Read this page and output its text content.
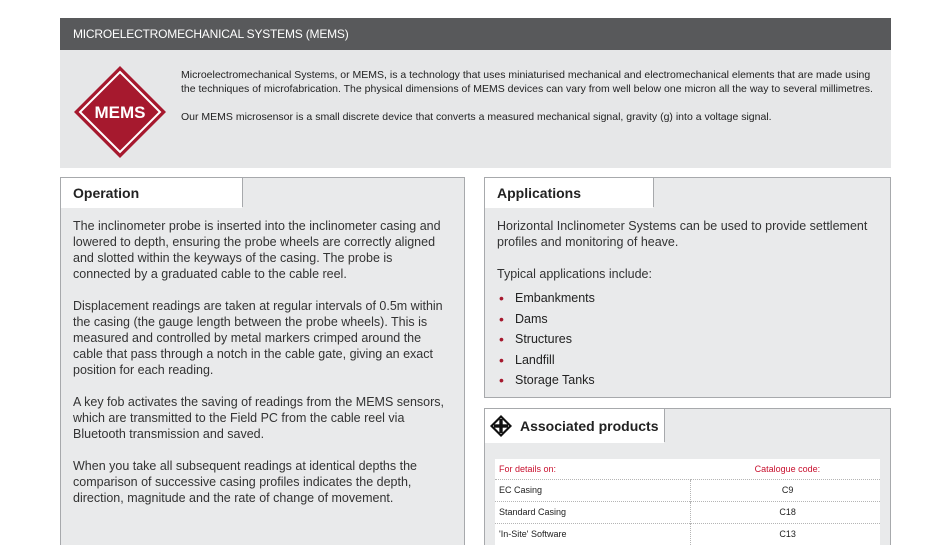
MICROELECTROMECHANICAL SYSTEMS (MEMS)
MEMS

Microelectromechanical Systems, or MEMS, is a technology that uses miniaturised mechanical and electromechanical elements that are made using the techniques of microfabrication. The physical dimensions of MEMS devices can vary from well below one micron all the way to several millimetres.

Our MEMS microsensor is a small discrete device that converts a measured mechanical signal, gravity (g) into a voltage signal.

Operation

The inclinometer probe is inserted into the inclinometer casing and lowered to depth, ensuring the probe wheels are correctly aligned and slotted within the keyways of the casing. The probe is connected by a graduated cable to the cable reel.

Displacement readings are taken at regular intervals of 0.5m within the casing (the gauge length between the probe wheels). This is measured and controlled by metal markers crimped around the cable that pass through a notch in the cable gate, giving an exact position for each reading.

A key fob activates the saving of readings from the MEMS sensors, which are transmitted to the Field PC from the cable reel via Bluetooth transmission and saved.

When you take all subsequent readings at identical depths the comparison of successive casing profiles indicates the depth, direction, magnitude and the rate of change of movement.

Applications

Horizontal Inclinometer Systems can be used to provide settlement profiles and monitoring of heave.

Typical applications include:

• Embankments
• Dams
• Structures
• Landfill
• Storage Tanks
Associated products
For details on:	Catalogue code:
EC Casing	C9
Standard Casing	C18
'In-Site' Software	C13
